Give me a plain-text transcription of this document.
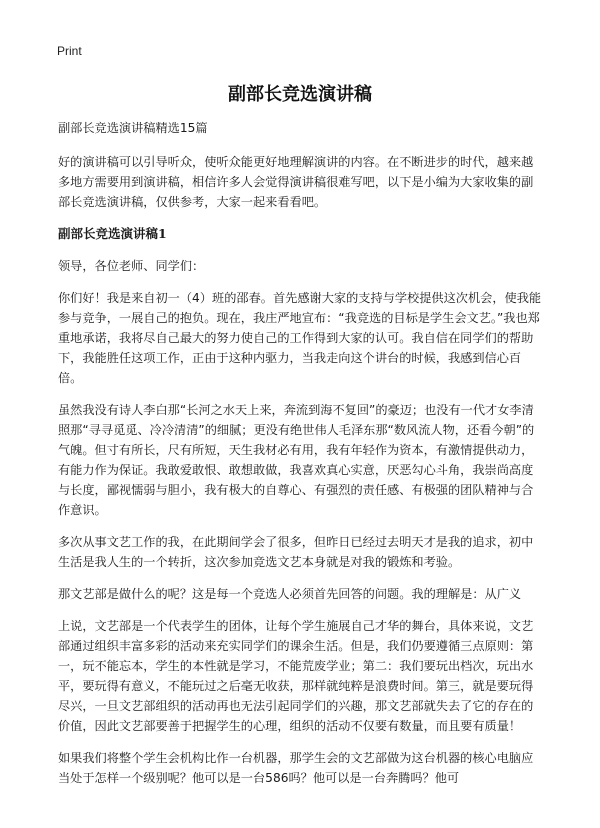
Print
副部长竞选演讲稿

副部长竞选演讲稿精选15篇

好的演讲稿可以引导听众，使听众能更好地理解演讲的内容。在不断进步的时代，越来越多地方需要用到演讲稿，相信许多人会觉得演讲稿很难写吧，以下是小编为大家收集的副部长竞选演讲稿，仅供参考，大家一起来看看吧。

副部长竞选演讲稿1

领导，各位老师、同学们：

你们好！我是来自初一（4）班的邵春。首先感谢大家的支持与学校提供这次机会，使我能参与竞争，一展自己的抱负。现在，我庄严地宣布：“我竞选的目标是学生会文艺。”我也郑重地承诺，我将尽自己最大的努力使自己的工作得到大家的认可。我自信在同学们的帮助下，我能胜任这项工作，正由于这种内驱力，当我走向这个讲台的时候，我感到信心百倍。

虽然我没有诗人李白那“长河之水天上来，奔流到海不复回”的豪迈；也没有一代才女李清照那“寻寻觅觅、冷冷清清”的细腻；更没有绝世伟人毛泽东那“数风流人物，还看今朝”的气魄。但寸有所长，尺有所短，天生我材必有用，我有年轻作为资本，有激情提供动力，有能力作为保证。我敢爱敢恨、敢想敢做，我喜欢真心实意，厌恶勾心斗角，我崇尚高度与长度，鄙视懦弱与胆小，我有极大的自尊心、有强烈的责任感、有极强的团队精神与合作意识。

多次从事文艺工作的我，在此期间学会了很多，但昨日已经过去明天才是我的追求，初中生活是我人生的一个转折，这次参加竞选文艺本身就是对我的锻炼和考验。

那文艺部是做什么的呢？这是每一个竞选人必须首先回答的问题。我的理解是：从广义

上说，文艺部是一个代表学生的团体，让每个学生施展自己才华的舞台，具体来说，文艺部通过组织丰富多彩的活动来充实同学们的课余生活。但是，我们仍要遵循三点原则：第一，玩不能忘本，学生的本性就是学习，不能荒废学业；第二：我们要玩出档次，玩出水平，要玩得有意义，不能玩过之后毫无收获，那样就纯粹是浪费时间。第三，就是要玩得尽兴，一旦文艺部组织的活动再也无法引起同学们的兴趣，那文艺部就失去了它的存在的价值，因此文艺部要善于把握学生的心理，组织的活动不仅要有数量，而且要有质量！

如果我们将整个学生会机构比作一台机器，那学生会的文艺部做为这台机器的核心电脑应当处于怎样一个级别呢？他可以是一台586吗？他可以是一台奔腾吗？他可
